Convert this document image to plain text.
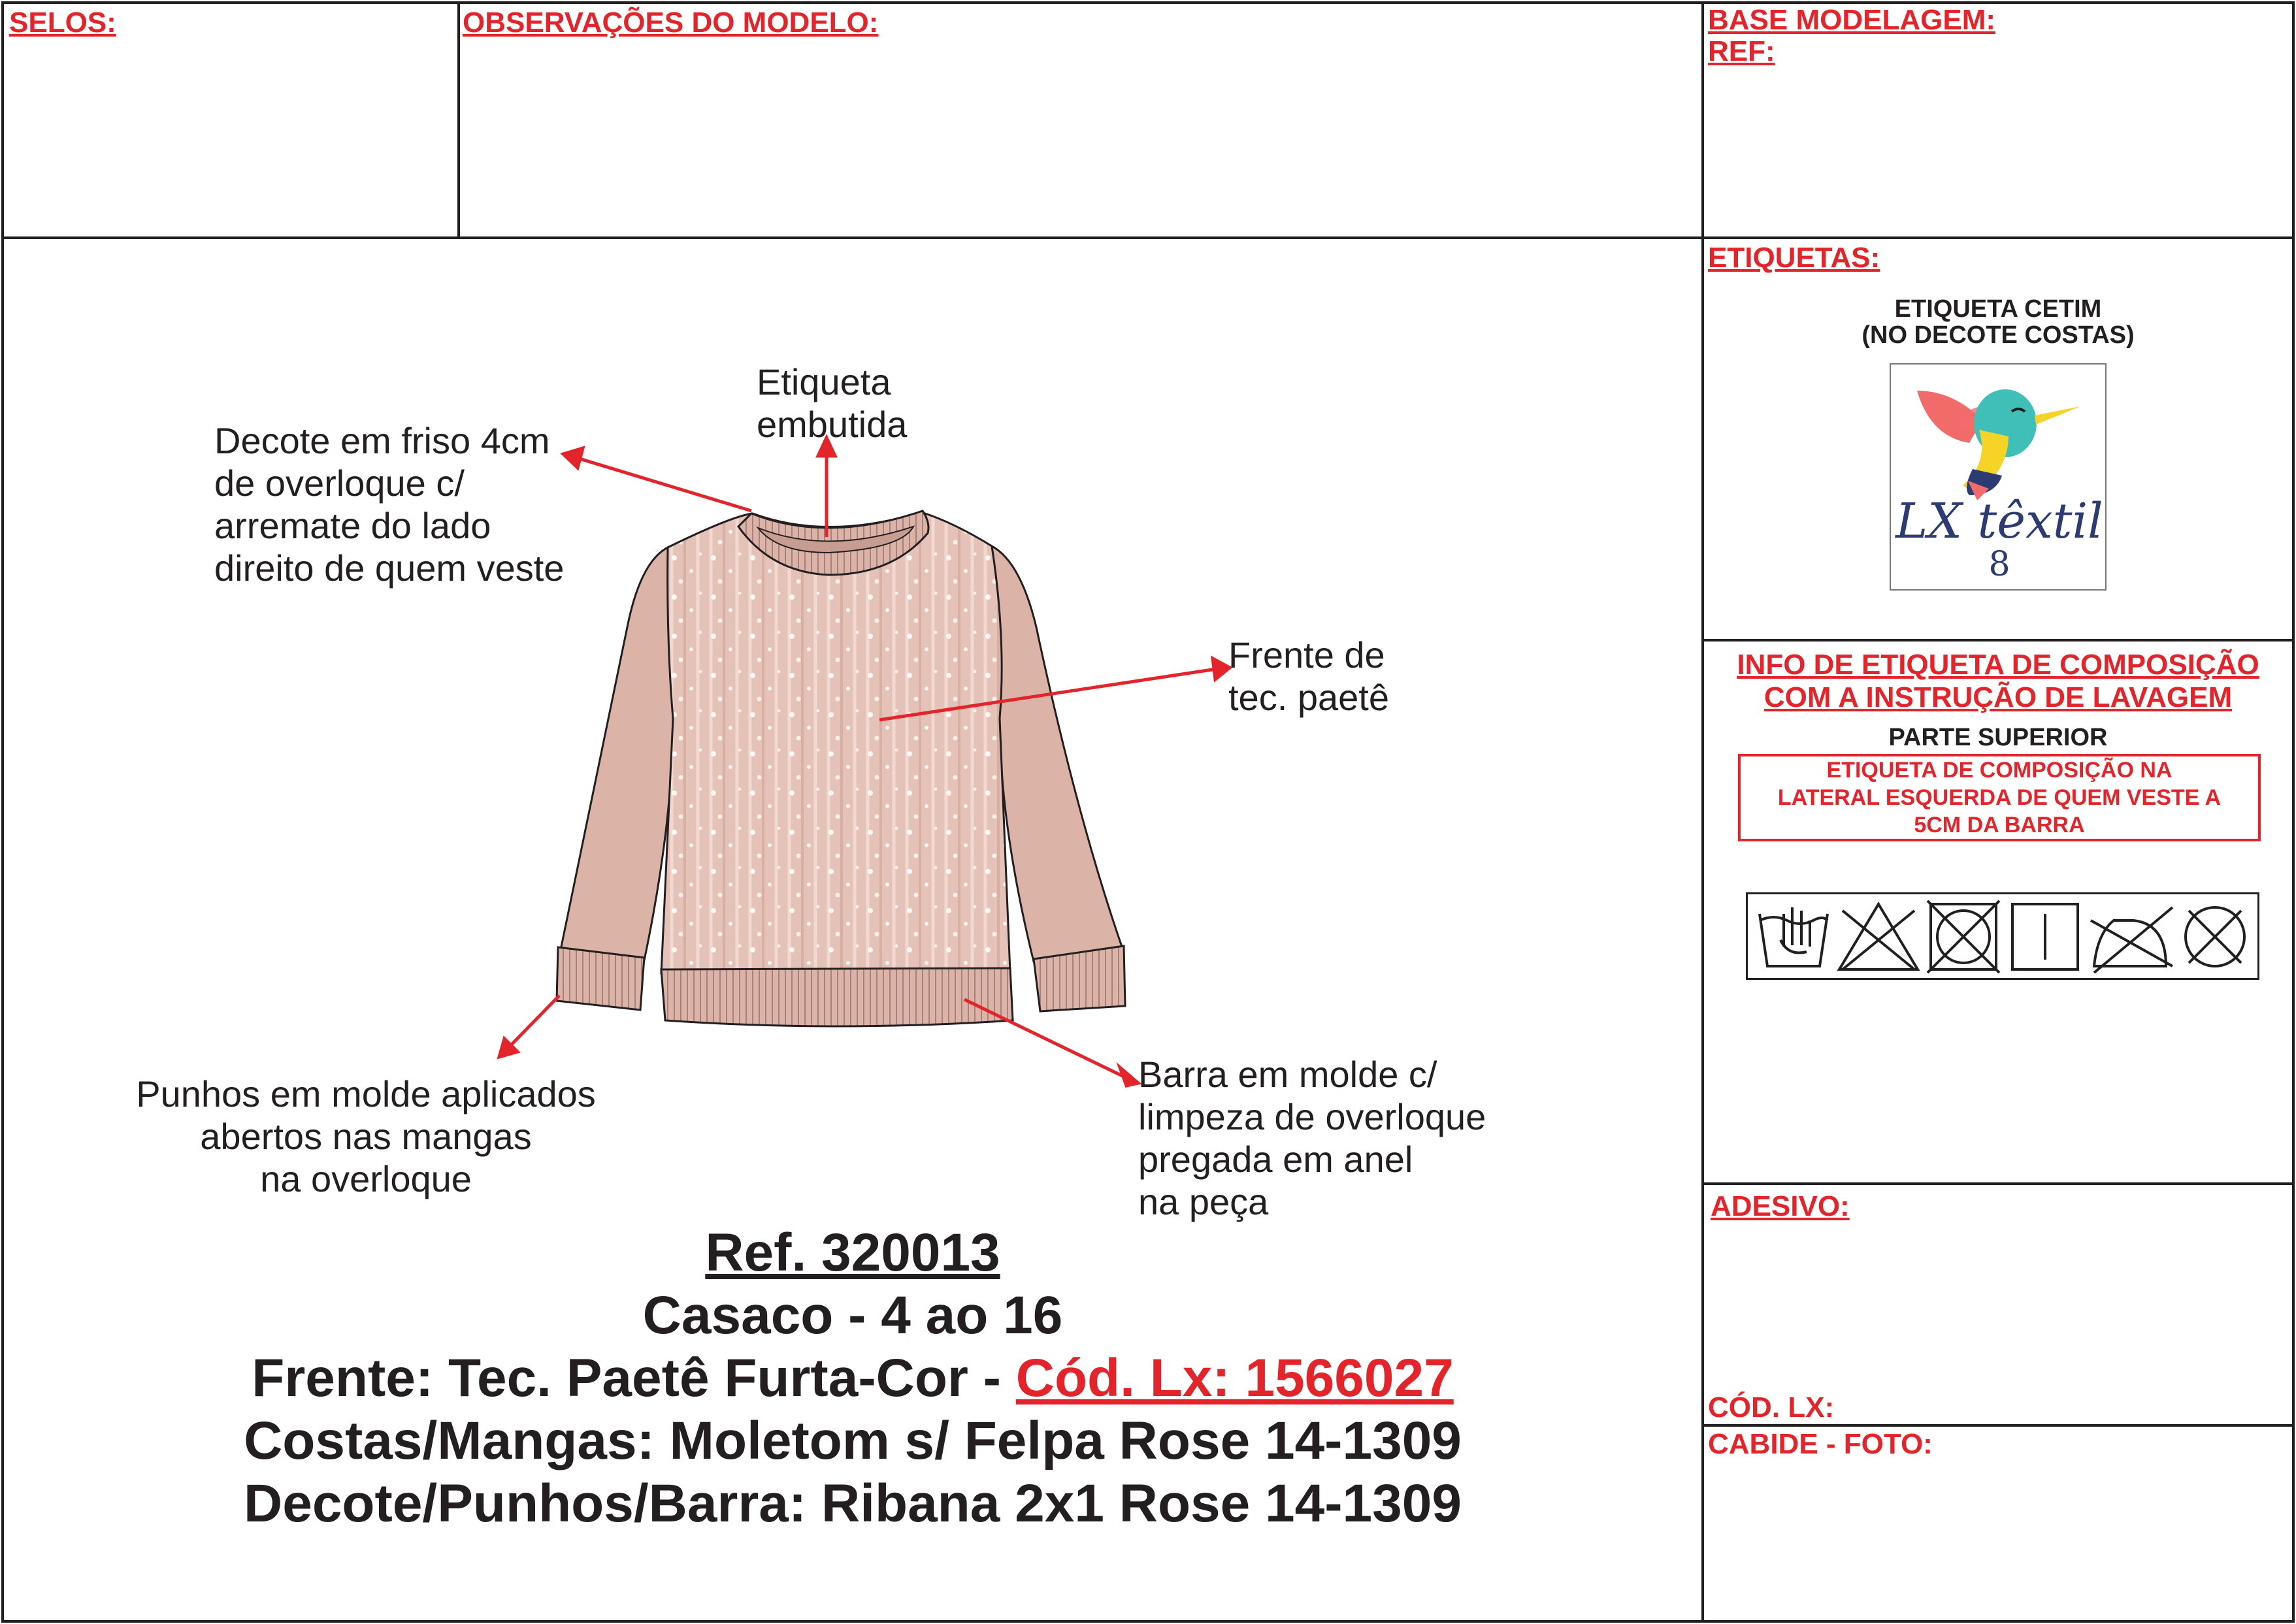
SELOS:	OBSERVAÇÕES DO MODELO:	BASE MODELAGEM:
REF:
ETIQUETAS:
ADESIVO:
CÓD. LX:
CABIDE - FOTO:
ETIQUETA CETIM
(NO DECOTE COSTAS)
LX têxtil
8
INFO DE ETIQUETA DE COMPOSIÇÃO
COM A INSTRUÇÃO DE LAVAGEM
PARTE SUPERIOR
ETIQUETA DE COMPOSIÇÃO NA
LATERAL ESQUERDA DE QUEM VESTE A
5CM DA BARRA
Decote em friso 4cm
de overloque c/
arremate do lado
direito de quem veste
Etiqueta
embutida
Frente de
tec. paetê
Punhos em molde aplicados
abertos nas mangas
na overloque
Barra em molde c/
limpeza de overloque
pregada em anel
na peça
Ref. 320013
Casaco - 4 ao 16
Frente: Tec. Paetê Furta-Cor - Cód. Lx: 1566027
Costas/Mangas: Moletom s/ Felpa Rose 14-1309
Decote/Punhos/Barra: Ribana 2x1 Rose 14-1309
